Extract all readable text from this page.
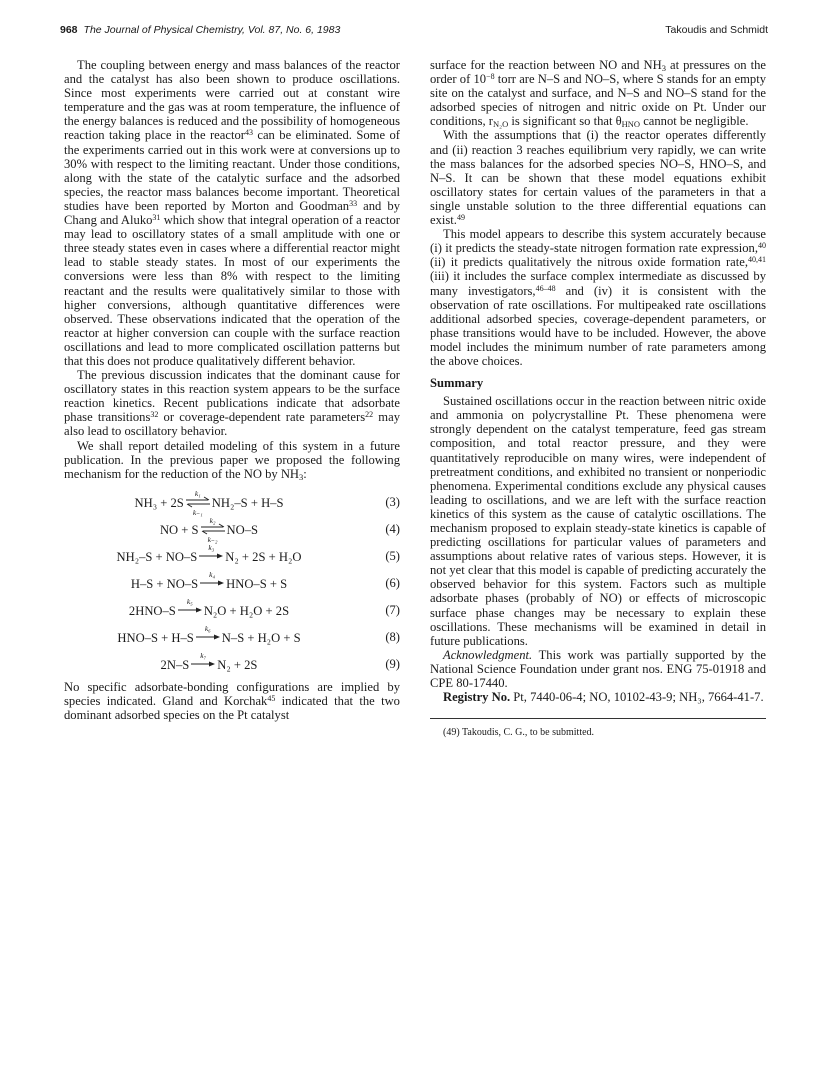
968 The Journal of Physical Chemistry, Vol. 87, No. 6, 1983	Takoudis and Schmidt

The coupling between energy and mass balances of the reactor and the catalyst has also been shown to produce oscillations. Since most experiments were carried out at constant wire temperature and the gas was at room temperature, the influence of the energy balances is reduced and the possibility of homogeneous reaction taking place in the reactor$^{43}$ can be eliminated. Some of the experiments carried out in this work were at conversions up to 30% with respect to the limiting reactant. Under those conditions, along with the state of the catalytic surface and the adsorbed species, the reactor mass balances become important. Theoretical studies have been reported by Morton and Goodman$^{33}$ and by Chang and Aluko$^{31}$ which show that integral operation of a reactor may lead to oscillatory states of a small amplitude with one or three steady states even in cases where a differential reactor might lead to stable steady states. In most of our experiments the conversions were less than 8% with respect to the limiting reactant and the results were qualitatively similar to those with higher conversions, although quantitative differences were observed. These observations indicated that the operation of the reactor at higher conversion can couple with the surface reaction oscillations and lead to more complicated oscillation patterns but that this does not produce qualitatively different behavior.

The previous discussion indicates that the dominant cause for oscillatory states in this reaction system appears to be the surface reaction kinetics. Recent publications indicate that adsorbate phase transitions$^{32}$ or coverage-dependent rate parameters$^{22}$ may also lead to oscillatory behavior.

We shall report detailed modeling of this system in a future publication. In the previous paper we proposed the following mechanism for the reduction of the NO by $NH_3$:

NH₃ + 2S
k₁
k₋₁
NH₂–S + H–S	(3)
NO + S
k₂
k₋₂
NO–S	(4)
NH₂–S + NO–S
k₃
N₂ + 2S + H₂O	(5)
H–S + NO–S
k₄
HNO–S + S	(6)
2HNO–S
k₅
N₂O + H₂O + 2S	(7)
HNO–S + H–S
k₆
N–S + H₂O + S	(8)
2N–S
k₇
N₂ + 2S	(9)

No specific adsorbate-bonding configurations are implied by species indicated. Gland and Korchak$^{45}$ indicated that the two dominant adsorbed species on the Pt catalyst

surface for the reaction between NO and $NH_3$ at pressures on the order of $10^{-8}$ torr are N–S and NO–S, where S stands for an empty site on the catalyst and surface, and N–S and NO–S stand for the adsorbed species of nitrogen and nitric oxide on Pt. Under our conditions, $r_{N_2O}$ is significant so that $\theta_{HNO}$ cannot be negligible.

With the assumptions that (i) the reactor operates differently and (ii) reaction 3 reaches equilibrium very rapidly, we can write the mass balances for the adsorbed species NO–S, HNO–S, and N–S. It can be shown that these model equations exhibit oscillatory states for certain values of the parameters in that a single unstable solution to the three differential equations can exist.$^{49}$

This model appears to describe this system accurately because (i) it predicts the steady-state nitrogen formation rate expression,$^{40}$ (ii) it predicts qualitatively the nitrous oxide formation rate,$^{40,41}$ (iii) it includes the surface complex intermediate as discussed by many investigators,$^{46-48}$ and (iv) it is consistent with the observation of rate oscillations. For multipeaked rate oscillations additional adsorbed species, coverage-dependent parameters, or phase transitions would have to be included. However, the above model includes the minimum number of rate parameters among the above choices.

Summary

Sustained oscillations occur in the reaction between nitric oxide and ammonia on polycrystalline Pt. These phenomena were strongly dependent on the catalyst temperature, feed gas stream composition, and total reactor pressure, and they were quantitatively reproducible on many wires, were independent of pretreatment conditions, and exhibited no transient or nonperiodic phenomena. Experimental conditions exclude any physical causes leading to oscillations, and we are left with the surface reaction kinetics of this system as the cause of catalytic oscillations. The mechanism proposed to explain steady-state kinetics is capable of predicting oscillations for particular values of parameters and assumptions about relative rates of various steps. However, it is not yet clear that this model is capable of predicting accurately the observed behavior for this system. Factors such as multiple adsorbate phases (probably of NO) or effects of microscopic surface phase changes may be necessary to explain these oscillations. These mechanisms will be examined in detail in future publications.

Acknowledgment. This work was partially supported by the National Science Foundation under grant nos. ENG 75-01918 and CPE 80-17440.

Registry No. Pt, 7440-06-4; NO, 10102-43-9; NH₃, 7664-41-7.

(49) Takoudis, C. G., to be submitted.
